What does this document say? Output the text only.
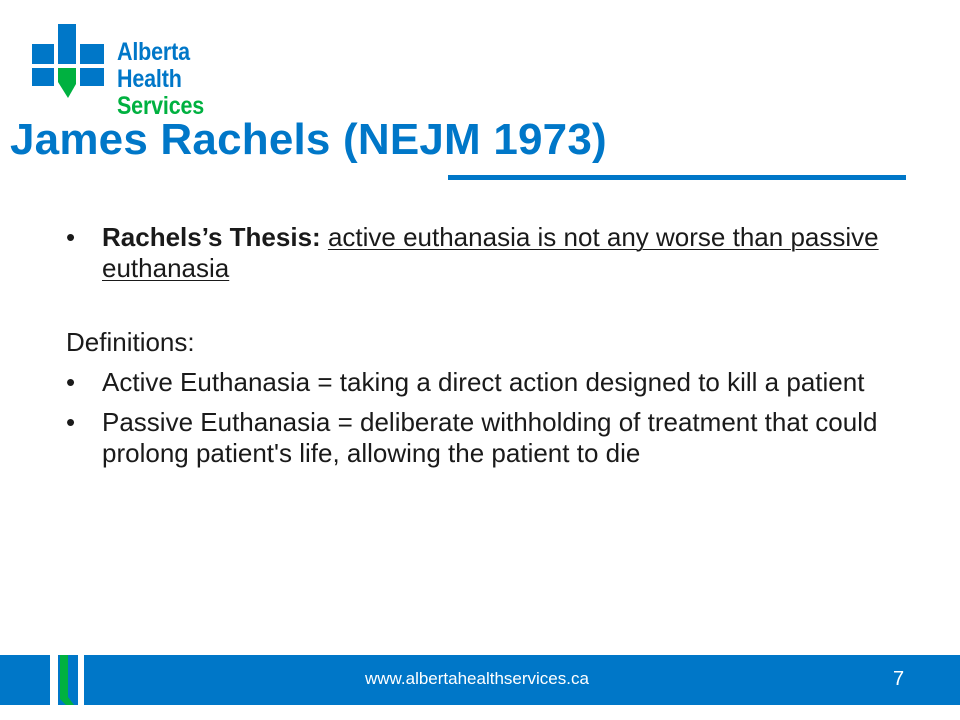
Alberta Health
Services
James Rachels (NEJM 1973)
• Rachels’s Thesis: active euthanasia is not any worse than passive euthanasia
Definitions:
• Active Euthanasia = taking a direct action designed to kill a patient
• Passive Euthanasia = deliberate withholding of treatment that could prolong patient's life, allowing the patient to die
www.albertahealthservices.ca	7
